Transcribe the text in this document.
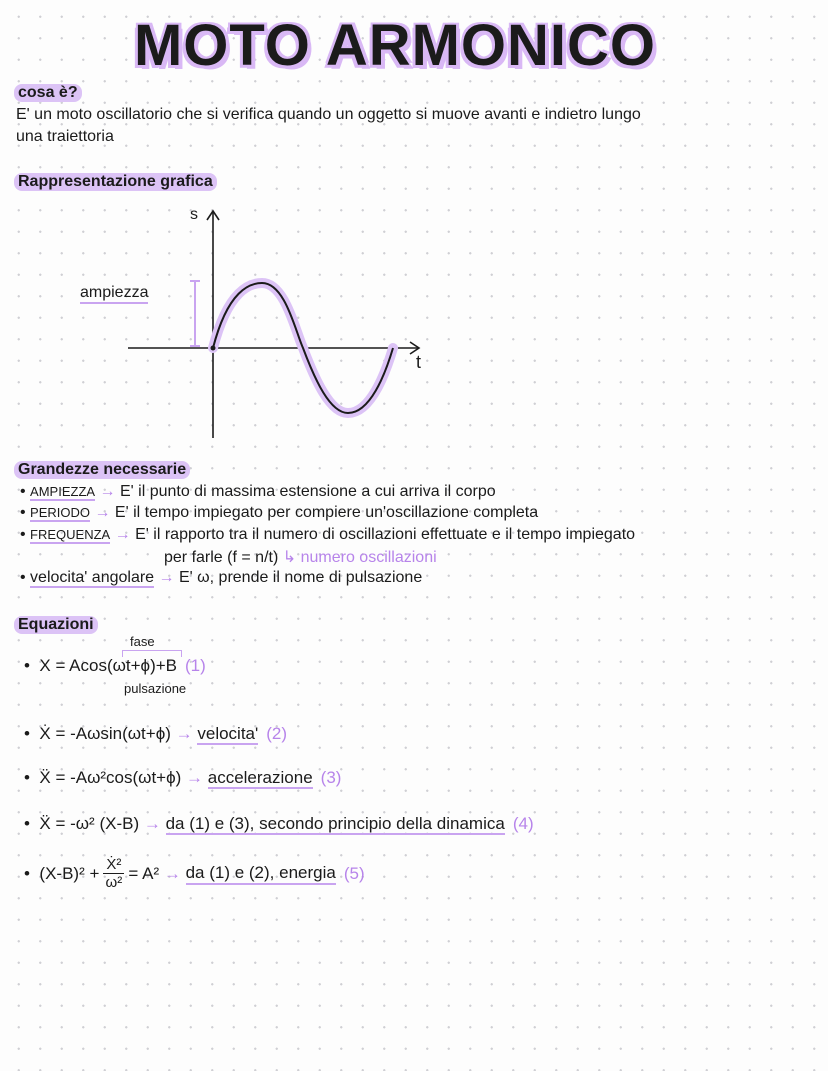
MOTO ARMONICO
cosa è?
E' un moto oscillatorio che si verifica quando un oggetto si muove avanti e indietro lungo
una traiettoria
Rappresentazione grafica
s
t
ampiezza
Grandezze necessarie
• AMPIEZZA → E' il punto di massima estensione a cui arriva il corpo
• PERIODO → E' il tempo impiegato per compiere un'oscillazione completa
• FREQUENZA → E' il rapporto tra il numero di oscillazioni effettuate e il tempo impiegato
per farle (f = n/t) ↳ numero oscillazioni
• velocita' angolare → E' ω, prende il nome di pulsazione
Equazioni
fase
•  X = Acos(ωt+ϕ)+B (1)
pulsazione
•  Ẋ = -Aωsin(ωt+ϕ) → velocita' (2)
•  Ẍ = -Aω²cos(ωt+ϕ) → accelerazione (3)
•  Ẍ = -ω² (X-B) → da (1) e (3), secondo principio della dinamica (4)
• $(X-B)^2 + \frac{\text{Ẋ²}}{\text{ω²}} = A^2$
→
da (1) e (2), energia (5)
